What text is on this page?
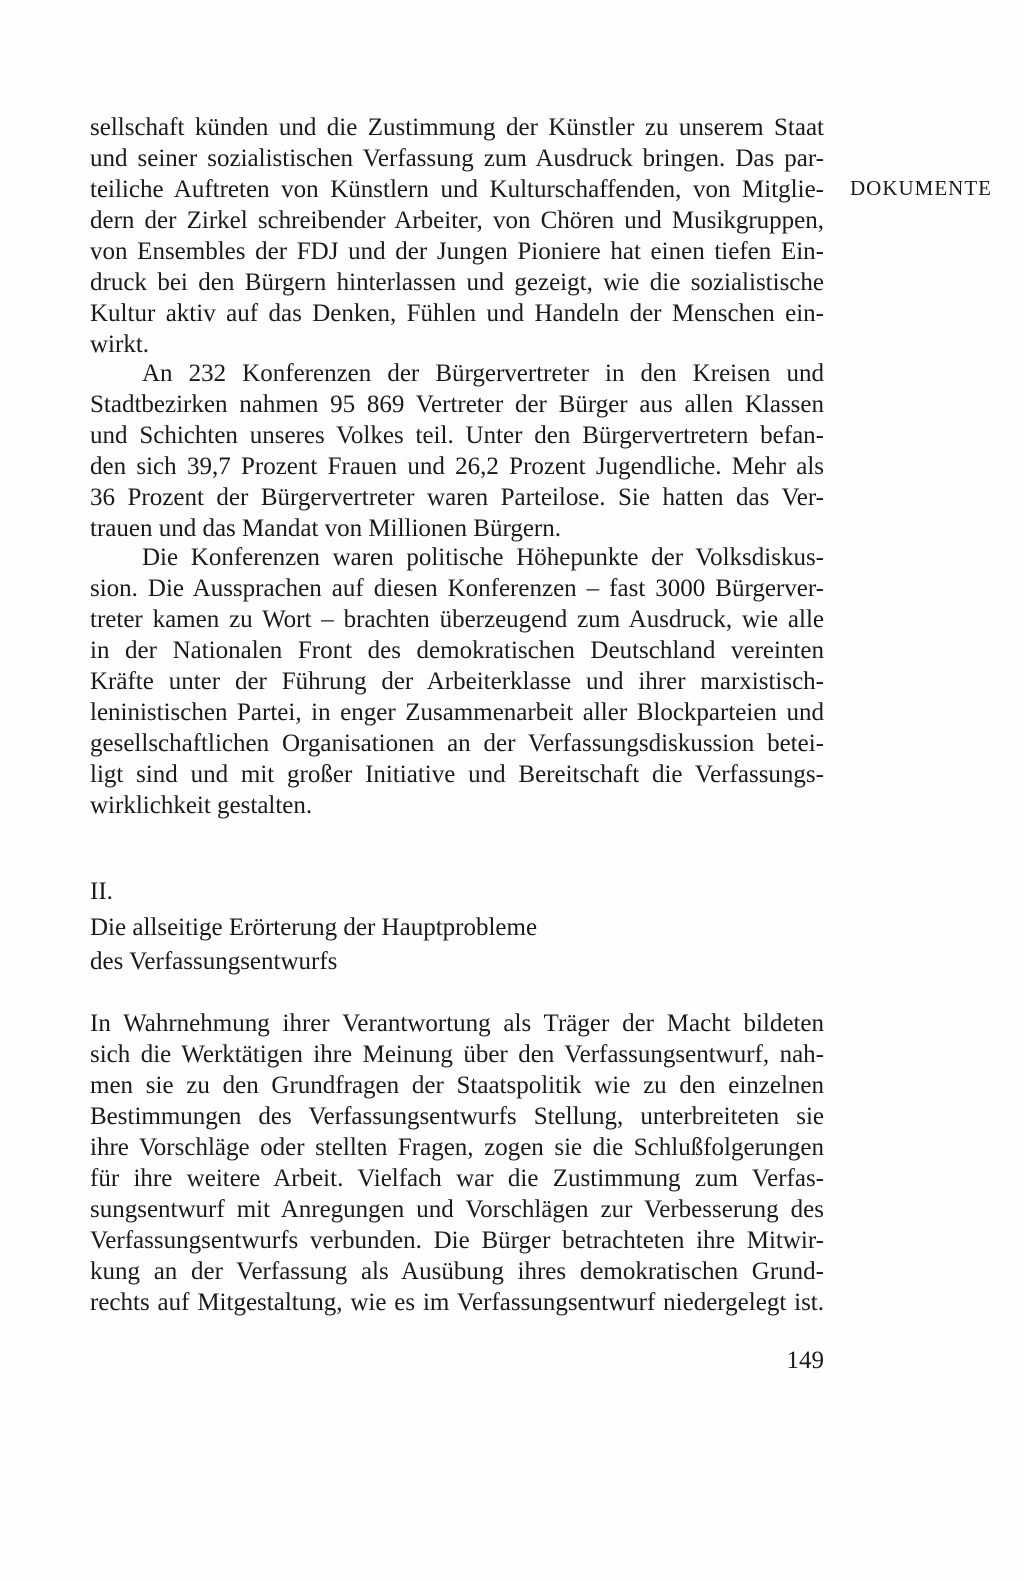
DOKUMENTE
sellschaft künden und die Zustimmung der Künstler zu unserem Staat
und seiner sozialistischen Verfassung zum Ausdruck bringen. Das par-
teiliche Auftreten von Künstlern und Kulturschaffenden, von Mitglie-
dern der Zirkel schreibender Arbeiter, von Chören und Musikgruppen,
von Ensembles der FDJ und der Jungen Pioniere hat einen tiefen Ein-
druck bei den Bürgern hinterlassen und gezeigt, wie die sozialistische
Kultur aktiv auf das Denken, Fühlen und Handeln der Menschen ein-
wirkt.
An 232 Konferenzen der Bürgervertreter in den Kreisen und
Stadtbezirken nahmen 95 869 Vertreter der Bürger aus allen Klassen
und Schichten unseres Volkes teil. Unter den Bürgervertretern befan-
den sich 39,7 Prozent Frauen und 26,2 Prozent Jugendliche. Mehr als
36 Prozent der Bürgervertreter waren Parteilose. Sie hatten das Ver-
trauen und das Mandat von Millionen Bürgern.
Die Konferenzen waren politische Höhepunkte der Volksdiskus-
sion. Die Aussprachen auf diesen Konferenzen – fast 3000 Bürgerver-
treter kamen zu Wort – brachten überzeugend zum Ausdruck, wie alle
in der Nationalen Front des demokratischen Deutschland vereinten
Kräfte unter der Führung der Arbeiterklasse und ihrer marxistisch-
leninistischen Partei, in enger Zusammenarbeit aller Blockparteien und
gesellschaftlichen Organisationen an der Verfassungsdiskussion betei-
ligt sind und mit großer Initiative und Bereitschaft die Verfassungs-
wirklichkeit gestalten.
II.
Die allseitige Erörterung der Hauptprobleme
des Verfassungsentwurfs
In Wahrnehmung ihrer Verantwortung als Träger der Macht bildeten
sich die Werktätigen ihre Meinung über den Verfassungsentwurf, nah-
men sie zu den Grundfragen der Staatspolitik wie zu den einzelnen
Bestimmungen des Verfassungsentwurfs Stellung, unterbreiteten sie
ihre Vorschläge oder stellten Fragen, zogen sie die Schlußfolgerungen
für ihre weitere Arbeit. Vielfach war die Zustimmung zum Verfas-
sungsentwurf mit Anregungen und Vorschlägen zur Verbesserung des
Verfassungsentwurfs verbunden. Die Bürger betrachteten ihre Mitwir-
kung an der Verfassung als Ausübung ihres demokratischen Grund-
rechts auf Mitgestaltung, wie es im Verfassungsentwurf niedergelegt ist.
149
